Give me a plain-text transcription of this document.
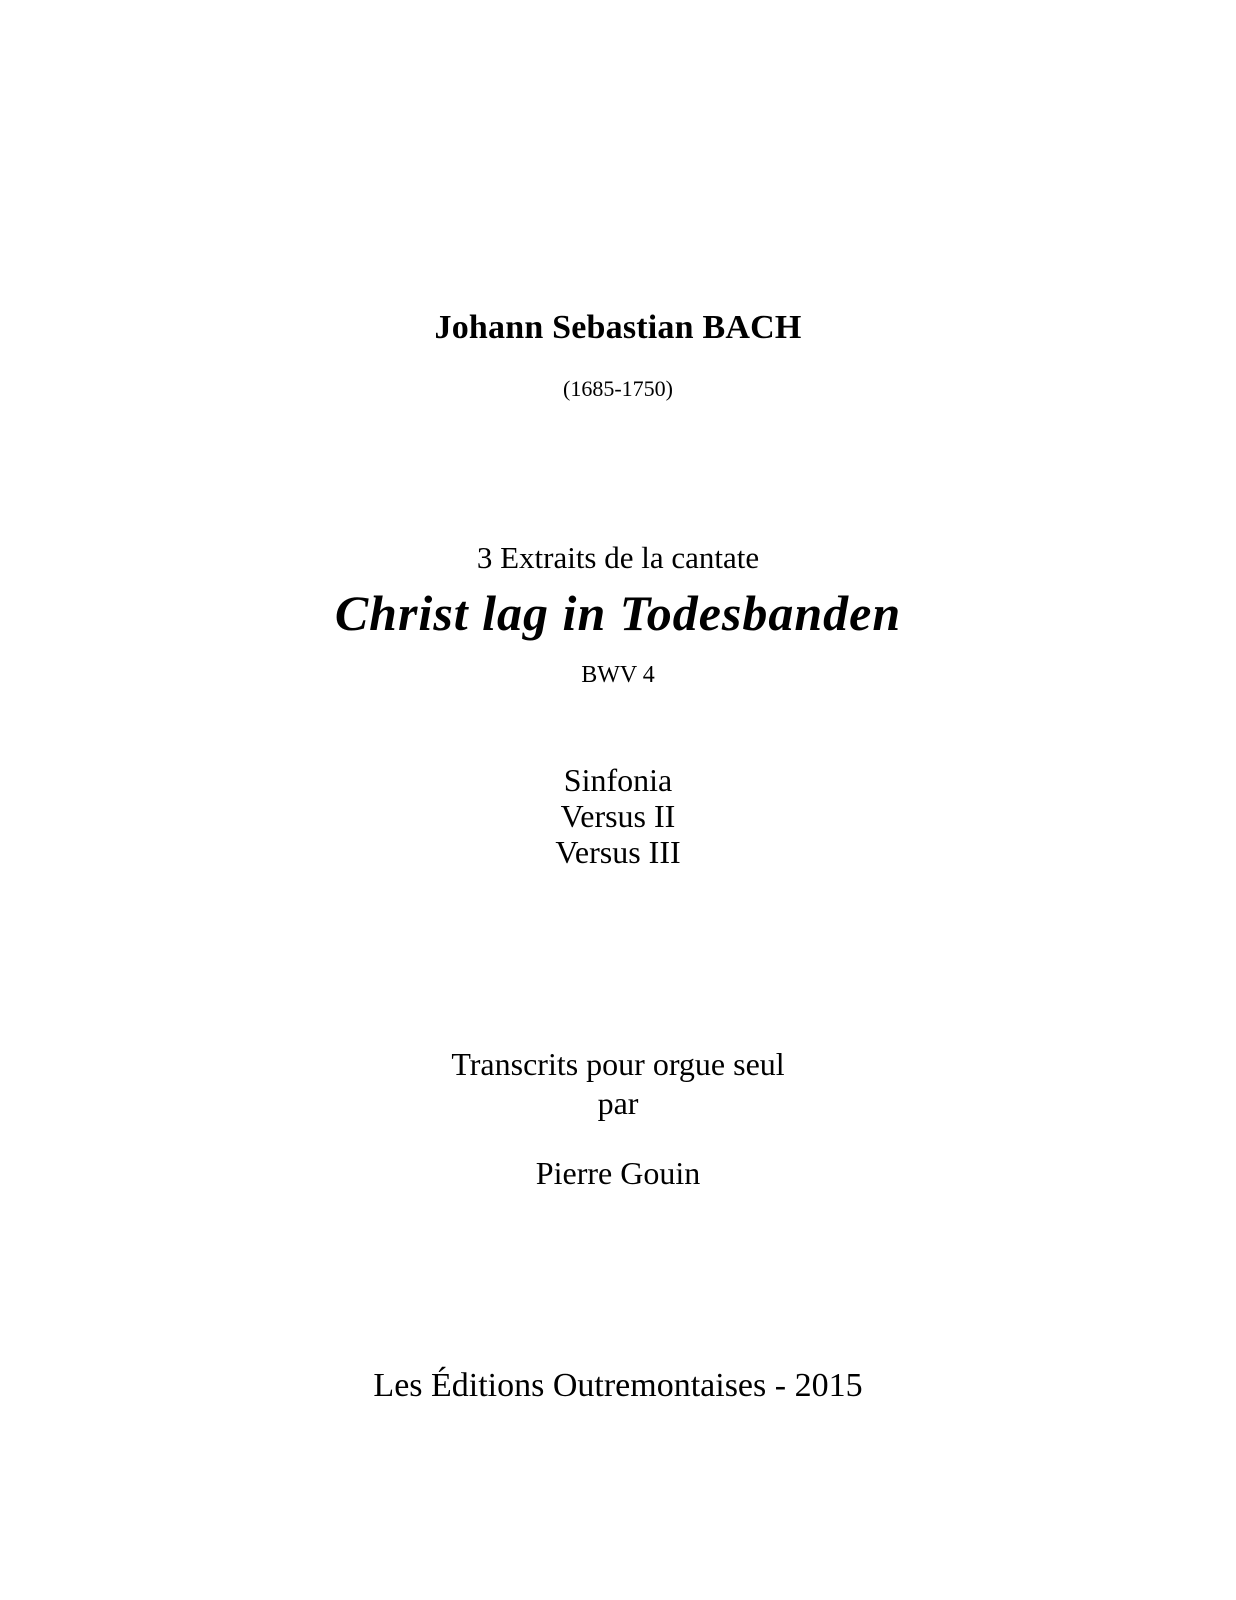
Johann Sebastian BACH
(1685-1750)
3 Extraits de la cantate
Christ lag in Todesbanden
BWV 4
Sinfonia
Versus II
Versus III
Transcrits pour orgue seul
par
Pierre Gouin
Les Éditions Outremontaises - 2015
